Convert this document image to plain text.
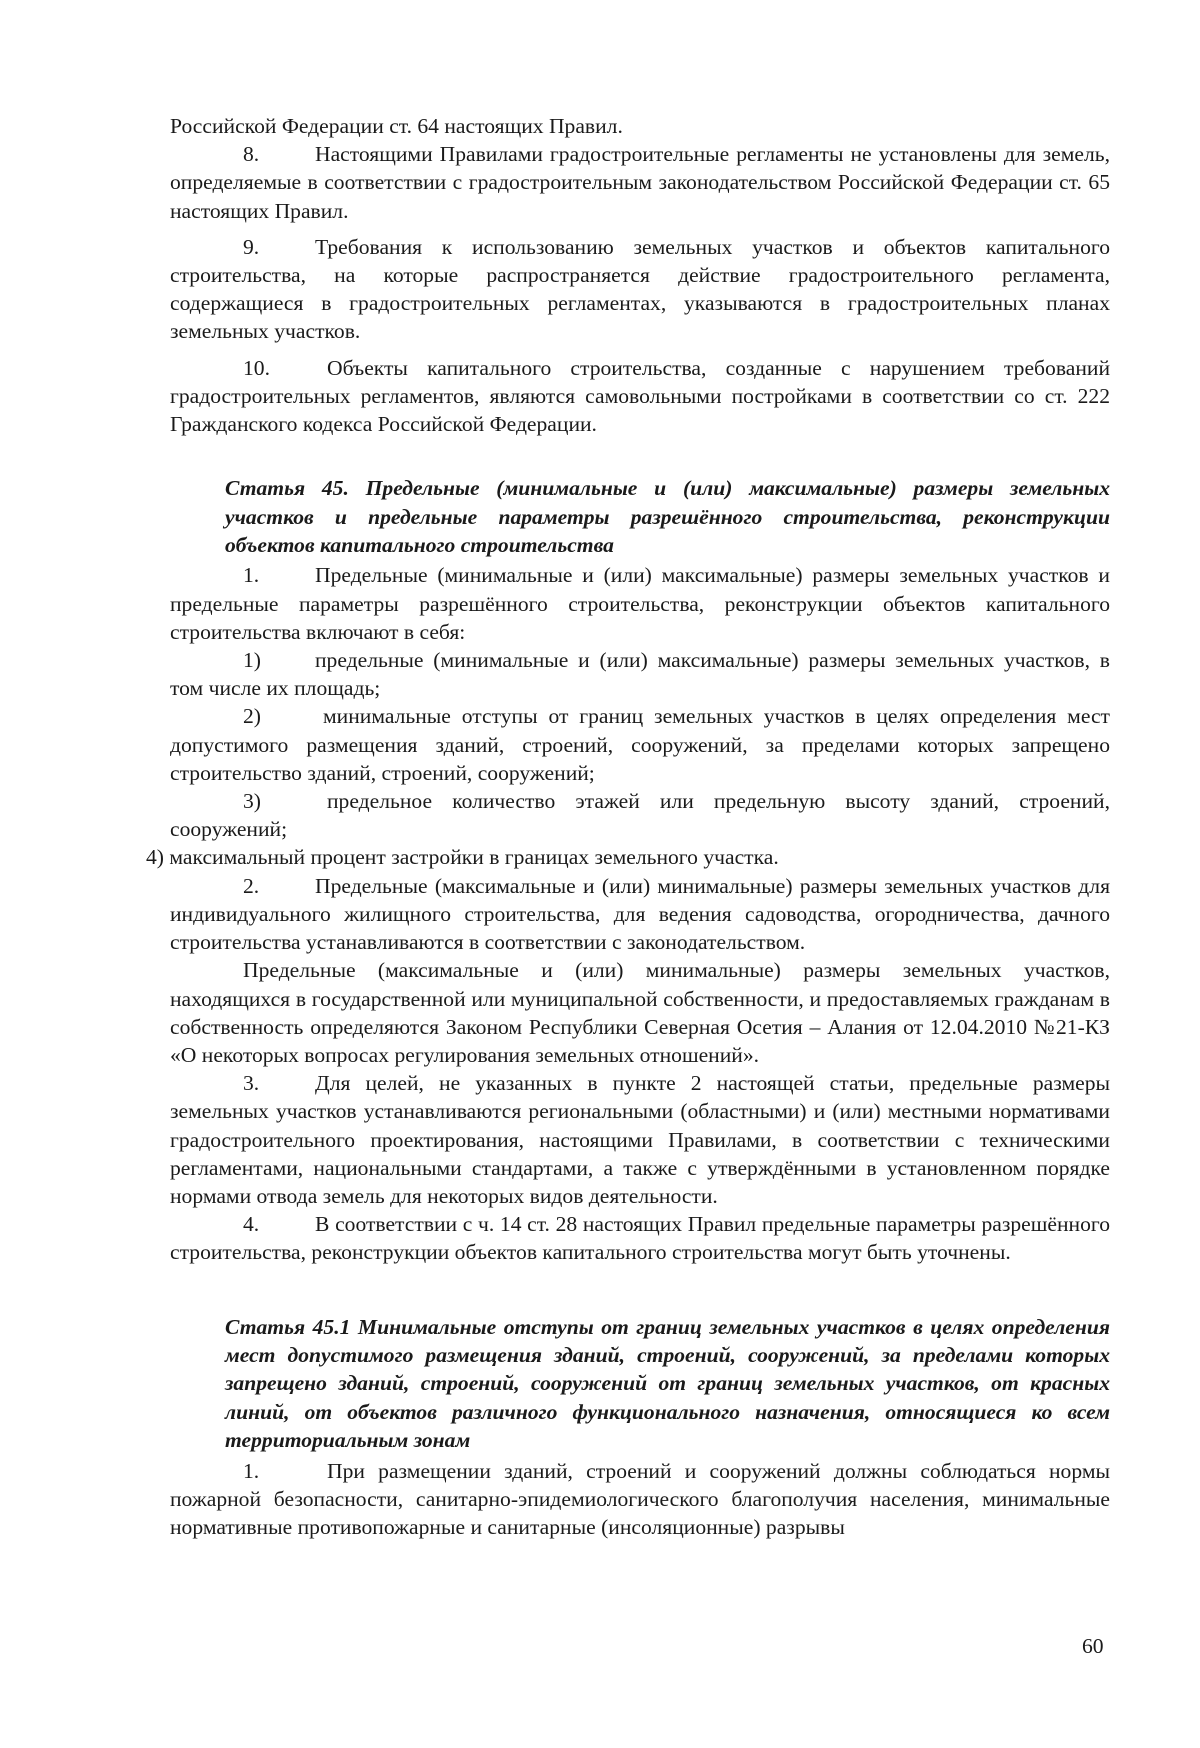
Российской Федерации ст. 64 настоящих Правил.

8.	Настоящими Правилами градостроительные регламенты не установлены для земель, определяемые в соответствии с градостроительным законодательством Российской Федерации ст. 65 настоящих Правил.

9.	Требования к использованию земельных участков и объектов капитального строительства, на которые распространяется действие градостроительного регламента, содержащиеся в градостроительных регламентах, указываются в градостроительных планах земельных участков.

10.	Объекты капитального строительства, созданные с нарушением требований градостроительных регламентов, являются самовольными постройками в соответствии со ст. 222 Гражданского кодекса Российской Федерации.

Статья 45. Предельные (минимальные и (или) максимальные) размеры земельных участков и предельные параметры разрешённого строительства, реконструкции объектов капитального строительства

1.	Предельные (минимальные и (или) максимальные) размеры земельных участков и предельные параметры разрешённого строительства, реконструкции объектов капитального строительства включают в себя:

1)	предельные (минимальные и (или) максимальные) размеры земельных участков, в том числе их площадь;

2)	минимальные отступы от границ земельных участков в целях определения мест допустимого размещения зданий, строений, сооружений, за пределами которых запрещено строительство зданий, строений, сооружений;

3)	предельное количество этажей или предельную высоту зданий, строений, сооружений;

4) максимальный процент застройки в границах земельного участка.

2.	Предельные (максимальные и (или) минимальные) размеры земельных участков для индивидуального жилищного строительства, для ведения садоводства, огородничества, дачного строительства устанавливаются в соответствии с законодательством.

Предельные (максимальные и (или) минимальные) размеры земельных участков, находящихся в государственной или муниципальной собственности, и предоставляемых гражданам в собственность определяются Законом Республики Северная Осетия – Алания от 12.04.2010 №21-КЗ «О некоторых вопросах регулирования земельных отношений».

3.	Для целей, не указанных в пункте 2 настоящей статьи, предельные размеры земельных участков устанавливаются региональными (областными) и (или) местными нормативами градостроительного проектирования, настоящими Правилами, в соответствии с техническими регламентами, национальными стандартами, а также с утверждёнными в установленном порядке нормами отвода земель для некоторых видов деятельности.

4.	В соответствии с ч. 14 ст. 28 настоящих Правил предельные параметры разрешённого строительства, реконструкции объектов капитального строительства могут быть уточнены.

Статья 45.1 Минимальные отступы от границ земельных участков в целях определения мест допустимого размещения зданий, строений, сооружений, за пределами которых запрещено зданий, строений, сооружений от границ земельных участков, от красных линий, от объектов различного функционального назначения, относящиеся ко всем территориальным зонам

1.	При размещении зданий, строений и сооружений должны соблюдаться нормы пожарной безопасности, санитарно-эпидемиологического благополучия населения, минимальные нормативные противопожарные и санитарные (инсоляционные) разрывы

60
